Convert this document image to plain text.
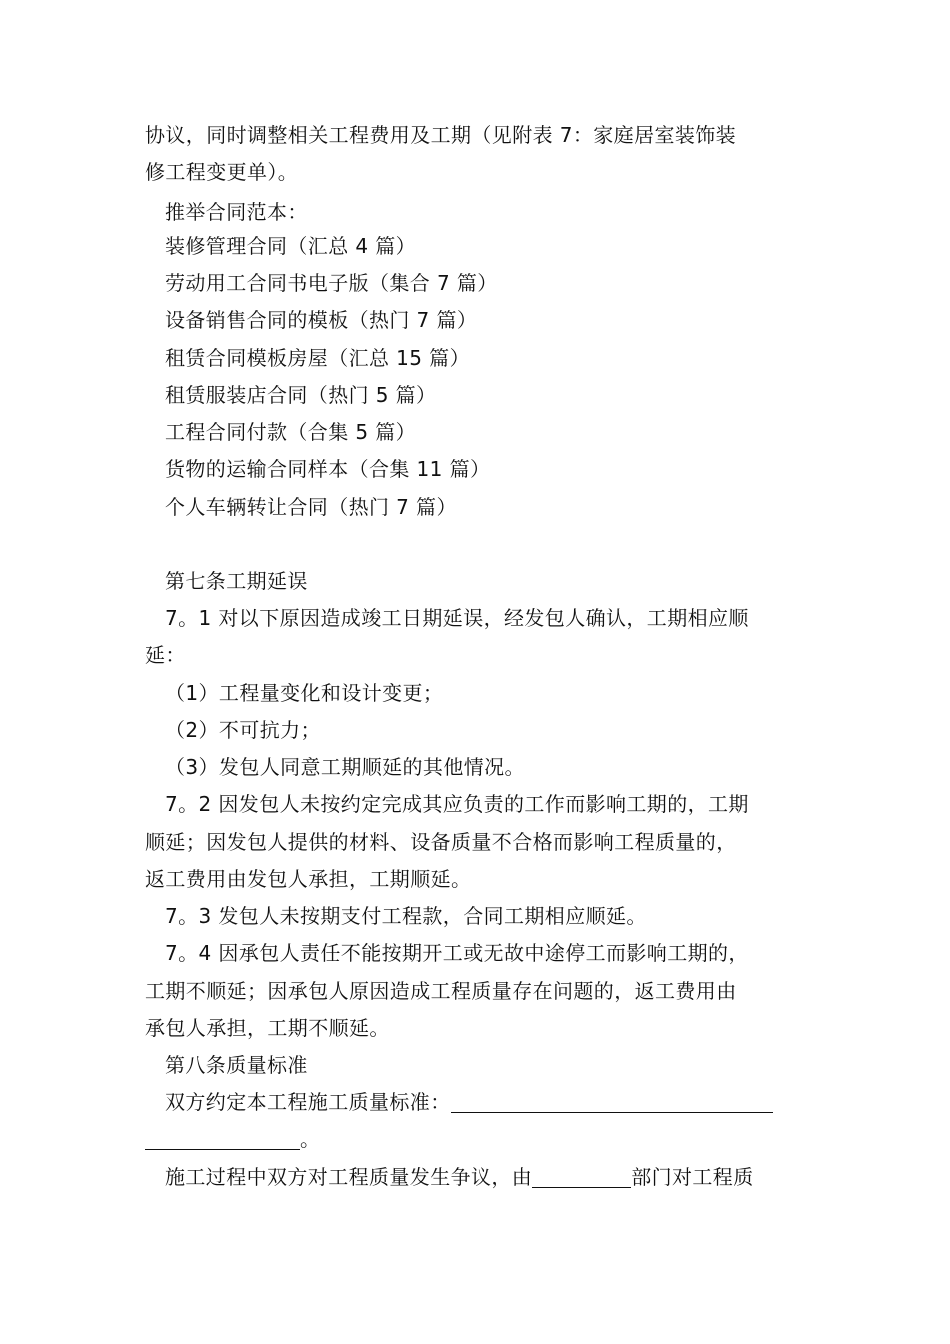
协议，同时调整相关工程费用及工期（见附表 7：家庭居室装饰装
修工程变更单）。
推举合同范本：
装修管理合同（汇总 4 篇）
劳动用工合同书电子版（集合 7 篇）
设备销售合同的模板（热门 7 篇）
租赁合同模板房屋（汇总 15 篇）
租赁服装店合同（热门 5 篇）
工程合同付款（合集 5 篇）
货物的运输合同样本（合集 11 篇）
个人车辆转让合同（热门 7 篇）
第七条工期延误
7。1 对以下原因造成竣工日期延误，经发包人确认，工期相应顺
延：
（1）工程量变化和设计变更；
（2）不可抗力；
（3）发包人同意工期顺延的其他情况。
7。2 因发包人未按约定完成其应负责的工作而影响工期的，工期
顺延；因发包人提供的材料、设备质量不合格而影响工程质量的，
返工费用由发包人承担，工期顺延。
7。3 发包人未按期支付工程款，合同工期相应顺延。
7。4 因承包人责任不能按期开工或无故中途停工而影响工期的，
工期不顺延；因承包人原因造成工程质量存在问题的，返工费用由
承包人承担，工期不顺延。
第八条质量标准
双方约定本工程施工质量标准：
。
施工过程中双方对工程质量发生争议，由	部门对工程质
